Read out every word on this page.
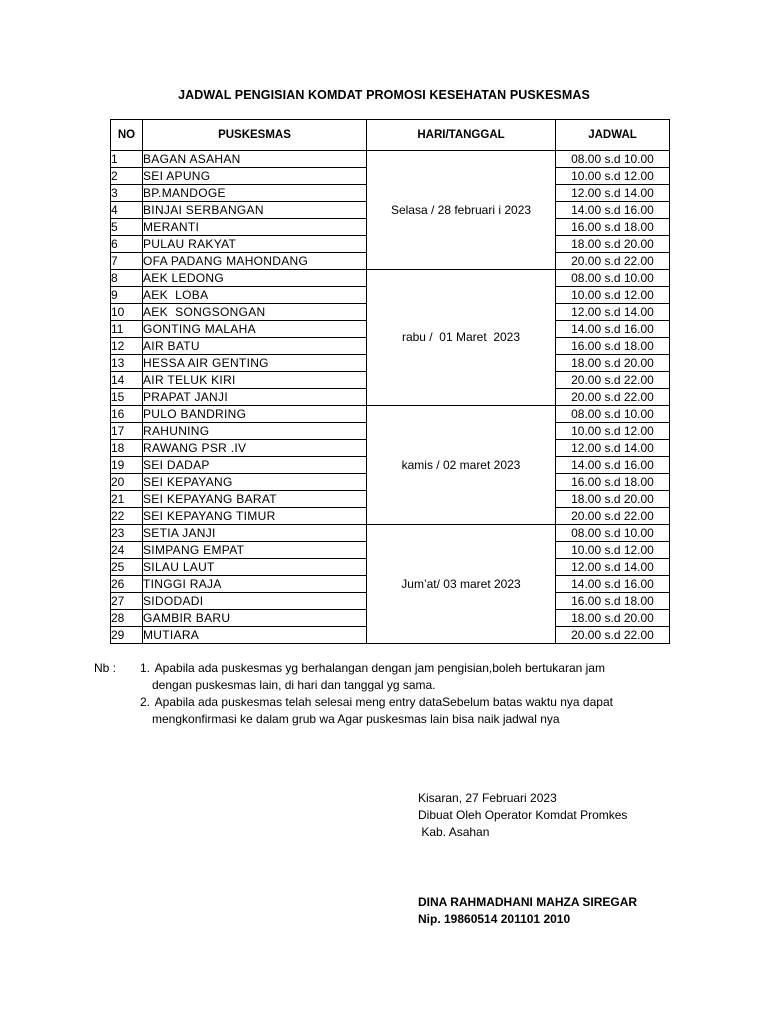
JADWAL PENGISIAN KOMDAT PROMOSI KESEHATAN PUSKESMAS
NO	PUSKESMAS	HARI/TANGGAL	JADWAL
1	BAGAN ASAHAN	Selasa / 28 februari i 2023	08.00 s.d 10.00
2	SEI APUNG		10.00 s.d 12.00
3	BP.MANDOGE		12.00 s.d 14.00
4	BINJAI SERBANGAN		14.00 s.d 16.00
5	MERANTI		16.00 s.d 18.00
6	PULAU RAKYAT		18.00 s.d 20.00
7	OFA PADANG MAHONDANG		20.00 s.d 22.00
8	AEK LEDONG	rabu /  01 Maret  2023	08.00 s.d 10.00
9	AEK  LOBA		10.00 s.d 12.00
10	AEK  SONGSONGAN		12.00 s.d 14.00
11	GONTING MALAHA		14.00 s.d 16.00
12	AIR BATU		16.00 s.d 18.00
13	HESSA AIR GENTING		18.00 s.d 20.00
14	AIR TELUK KIRI		20.00 s.d 22.00
15	PRAPAT JANJI		20.00 s.d 22.00
16	PULO BANDRING	kamis / 02 maret 2023	08.00 s.d 10.00
17	RAHUNING		10.00 s.d 12.00
18	RAWANG PSR .IV		12.00 s.d 14.00
19	SEI DADAP		14.00 s.d 16.00
20	SEI KEPAYANG		16.00 s.d 18.00
21	SEI KEPAYANG BARAT		18.00 s.d 20.00
22	SEI KEPAYANG TIMUR		20.00 s.d 22.00
23	SETIA JANJI	Jum’at/ 03 maret 2023	08.00 s.d 10.00
24	SIMPANG EMPAT		10.00 s.d 12.00
25	SILAU LAUT		12.00 s.d 14.00
26	TINGGI RAJA		14.00 s.d 16.00
27	SIDODADI		16.00 s.d 18.00
28	GAMBIR BARU		18.00 s.d 20.00
29	MUTIARA		20.00 s.d 22.00
Nb : 1. Apabila ada puskesmas yg berhalangan dengan jam pengisian,boleh bertukaran jam
dengan puskesmas lain, di hari dan tanggal yg sama.
2. Apabila ada puskesmas telah selesai meng entry dataSebelum batas waktu nya dapat
mengkonfirmasi ke dalam grub wa Agar puskesmas lain bisa naik jadwal nya
Kisaran, 27 Februari 2023
Dibuat Oleh Operator Komdat Promkes
Kab. Asahan
DINA RAHMADHANI MAHZA SIREGAR
Nip. 19860514 201101 2010
